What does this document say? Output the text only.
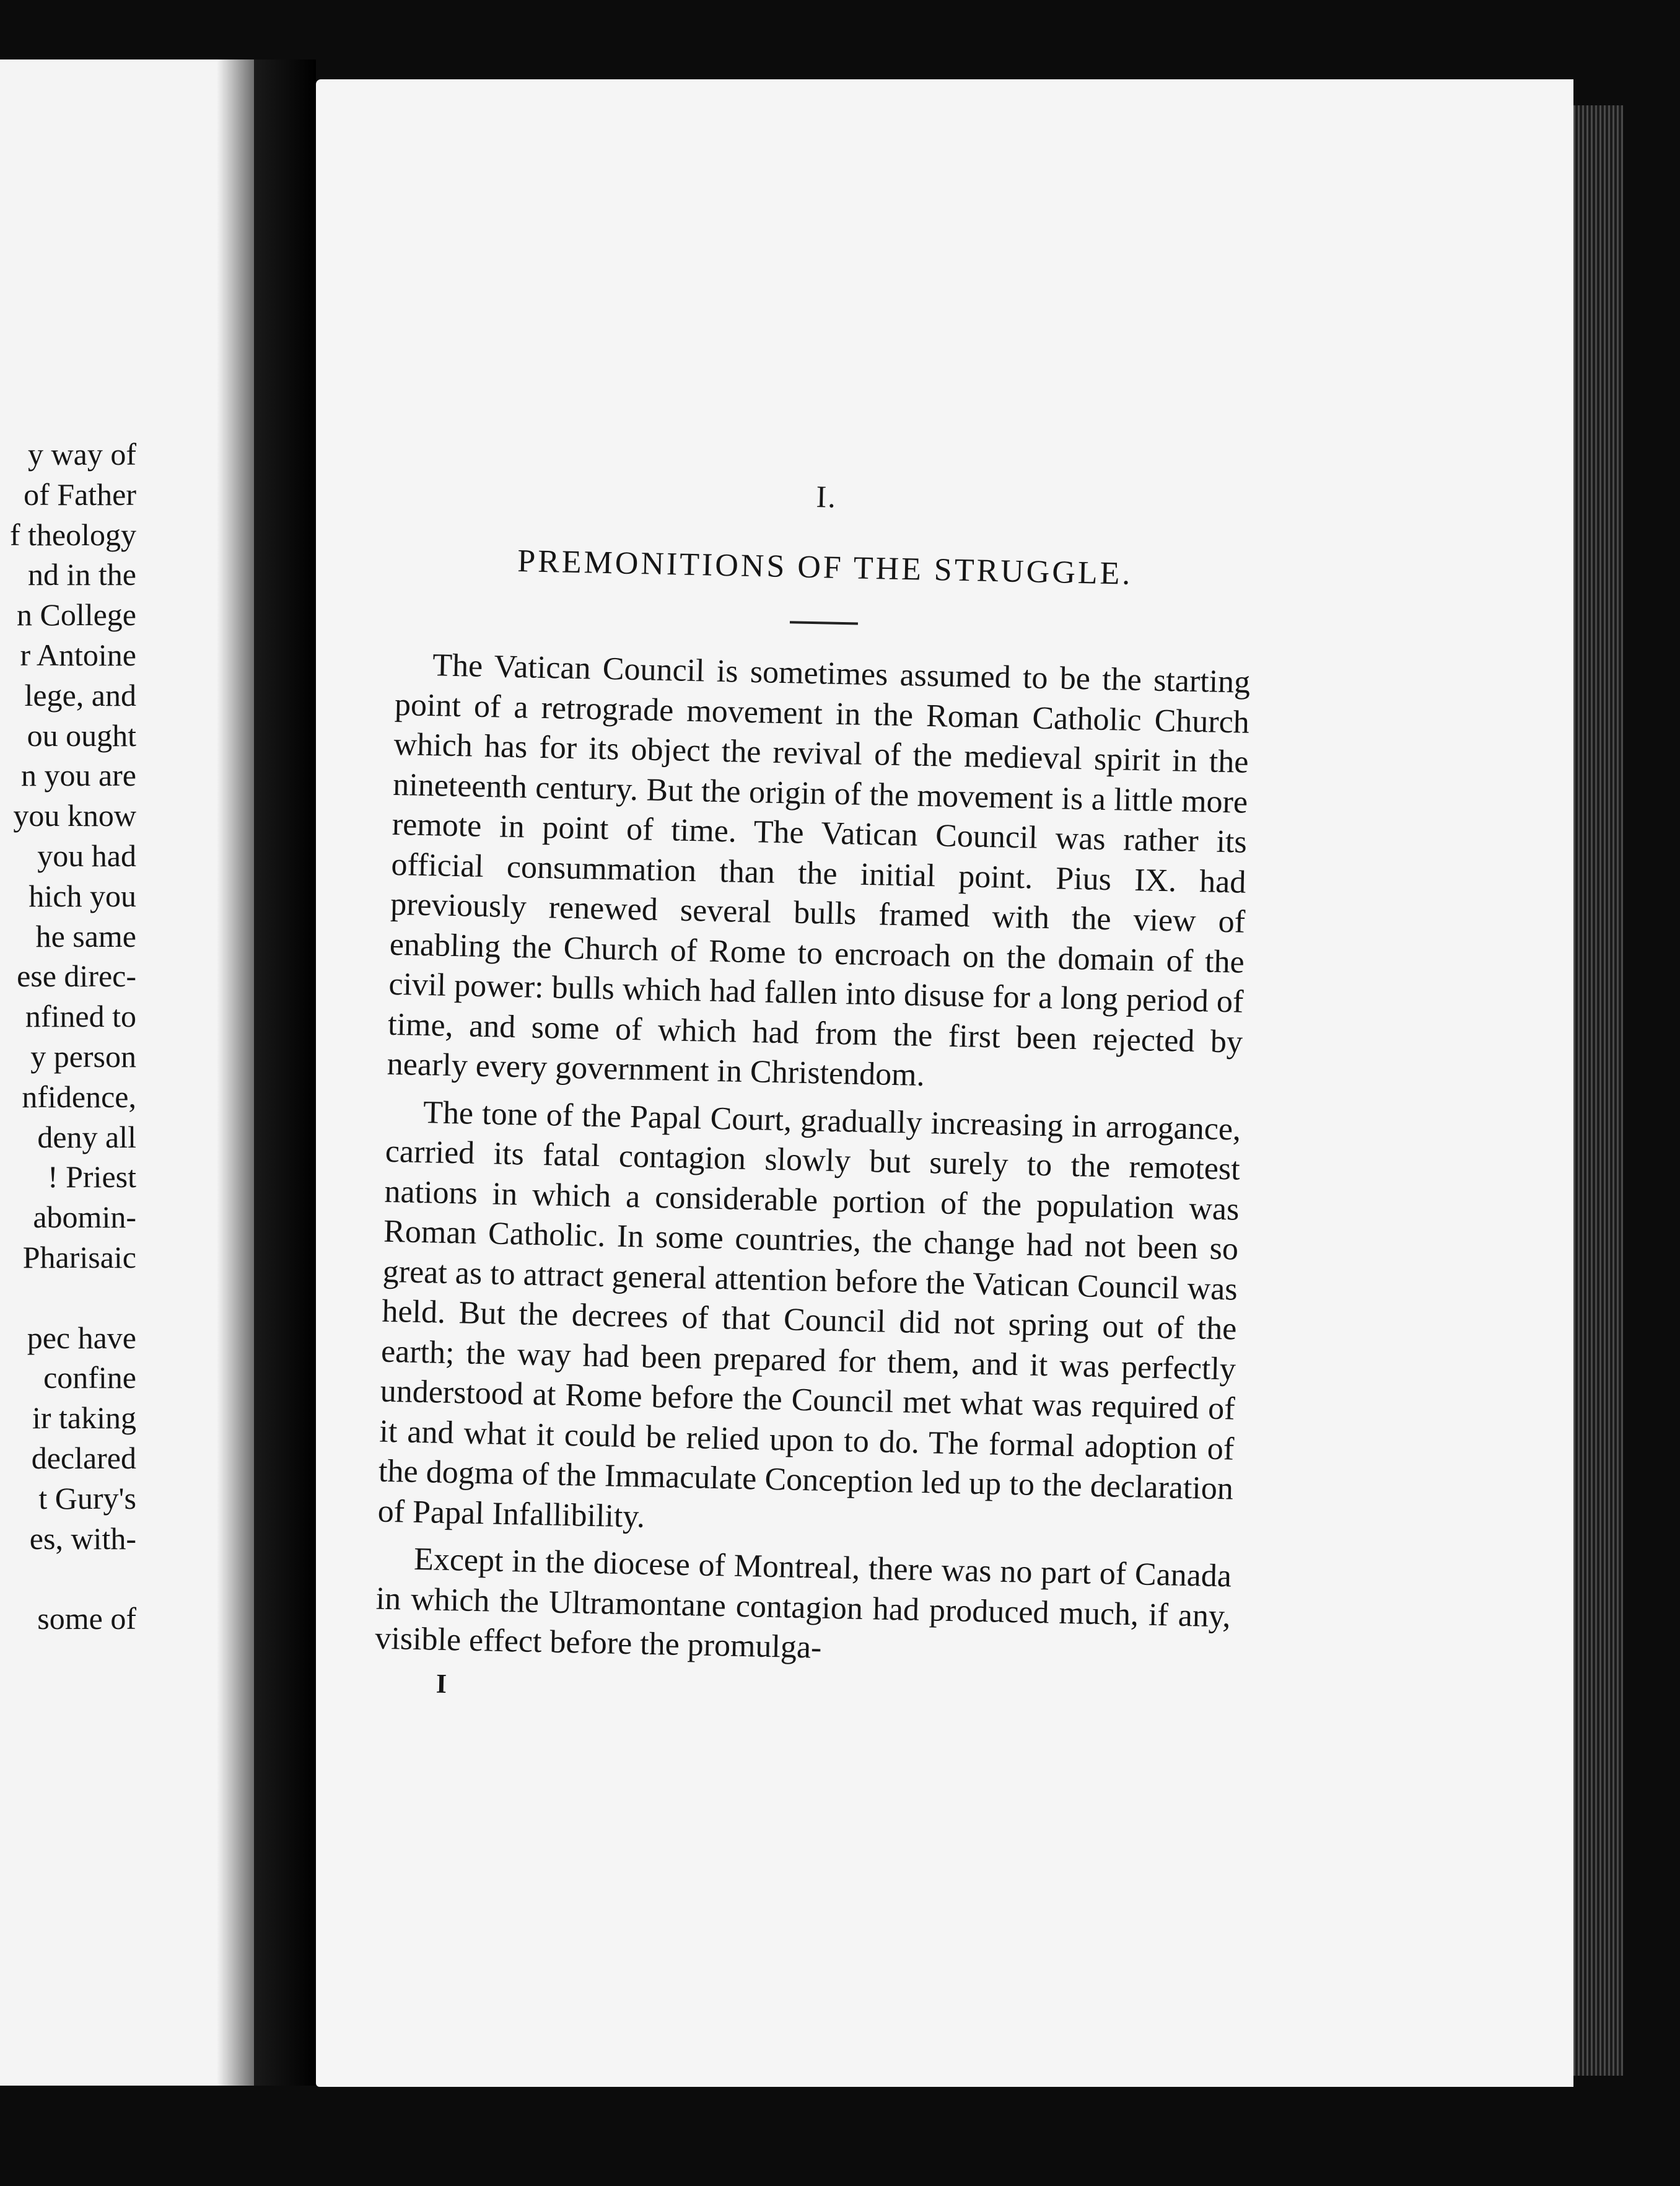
y way of
of Father
f theology
nd in the
n College
r Antoine
lege, and
ou ought
n you are
you know
you had
hich you
he same
ese direc-
nfined to
y person
nfidence,
deny all
! Priest
abomin-
Pharisaic
pec have
confine
ir taking
declared
t Gury's
es, with-
some of
I.
PREMONITIONS OF THE STRUGGLE.

The Vatican Council is sometimes assumed to be the starting point of a retrograde movement in the Roman Catholic Church which has for its object the revival of the medieval spirit in the nineteenth century. But the origin of the movement is a little more remote in point of time. The Vatican Council was rather its official consummation than the initial point. Pius IX. had previously renewed several bulls framed with the view of enabling the Church of Rome to encroach on the domain of the civil power: bulls which had fallen into disuse for a long period of time, and some of which had from the first been rejected by nearly every government in Christendom.

The tone of the Papal Court, gradually increasing in arrogance, carried its fatal contagion slowly but surely to the remotest nations in which a considerable portion of the population was Roman Catholic. In some countries, the change had not been so great as to attract general attention before the Vatican Council was held. But the decrees of that Council did not spring out of the earth; the way had been prepared for them, and it was perfectly understood at Rome before the Council met what was required of it and what it could be relied upon to do. The formal adoption of the dogma of the Immaculate Conception led up to the declaration of Papal Infallibility.

Except in the diocese of Montreal, there was no part of Canada in which the Ultramontane contagion had produced much, if any, visible effect before the promulga-

I
